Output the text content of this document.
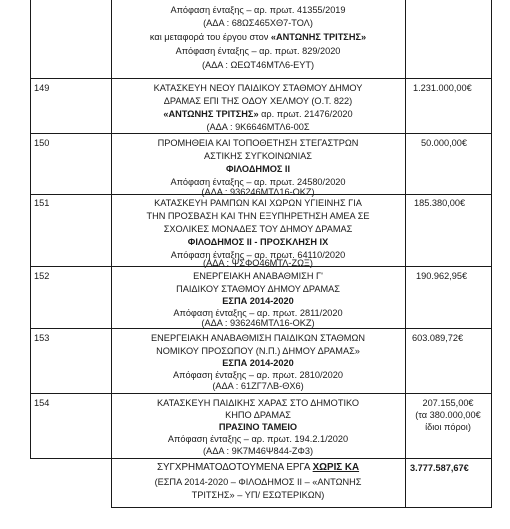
Απόφαση ένταξης – αρ. πρωτ. 41355/2019
(ΑΔΑ : 68ΩΣ465ΧΘ7-ΤΟΛ)
και μεταφορά του έργου στον «ΑΝΤΩΝΗΣ ΤΡΙΤΣΗΣ»
Απόφαση ένταξης – αρ. πρωτ. 829/2020
(ΑΔΑ : ΩΕΩΤ46ΜΤΛ6-ΕΥΤ)
149	ΚΑΤΑΣΚΕΥΗ ΝΕΟΥ ΠΑΙΔΙΚΟΥ ΣΤΑΘΜΟΥ ΔΗΜΟΥ
ΔΡΑΜΑΣ ΕΠΙ ΤΗΣ ΟΔΟΥ ΧΕΛΜΟΥ (Ο.Τ. 822)
«ΑΝΤΩΝΗΣ ΤΡΙΤΣΗΣ» αρ. πρωτ. 21476/2020
(ΑΔΑ : 9Κ6646ΜΤΛ6-00Σ
1.231.000,00€
150	ΠΡΟΜΗΘΕΙΑ ΚΑΙ ΤΟΠΟΘΕΤΗΣΗ ΣΤΕΓΑΣΤΡΩΝ
ΑΣΤΙΚΗΣ ΣΥΓΚΟΙΝΩΝΙΑΣ
ΦΙΛΟΔΗΜΟΣ ΙΙ
Απόφαση ένταξης – αρ. πρωτ. 24580/2020
(ΑΔΑ : 936246ΜΤΛ16-ΟΚΖ)
50.000,00€
151	ΚΑΤΑΣΚΕΥΗ ΡΑΜΠΩΝ ΚΑΙ ΧΩΡΩΝ ΥΓΙΕΙΝΗΣ ΓΙΑ
ΤΗΝ ΠΡΟΣΒΑΣΗ ΚΑΙ ΤΗΝ ΕΞΥΠΗΡΕΤΗΣΗ ΑΜΕΑ ΣΕ
ΣΧΟΛΙΚΕΣ ΜΟΝΑΔΕΣ ΤΟΥ ΔΗΜΟΥ ΔΡΑΜΑΣ
ΦΙΛΟΔΗΜΟΣ ΙΙ - ΠΡΟΣΚΛΗΣΗ ΙΧ
Απόφαση ένταξης – αρ. πρωτ. 64110/2020
(ΑΔΑ : ΨΣΦΟ46ΜΤΛ-ΖΩΞ)
185.380,00€
152	ΕΝΕΡΓΕΙΑΚΗ ΑΝΑΒΑΘΜΙΣΗ Γ'
ΠΑΙΔΙΚΟΥ ΣΤΑΘΜΟΥ ΔΗΜΟΥ ΔΡΑΜΑΣ
ΕΣΠΑ 2014-2020
Απόφαση ένταξης – αρ. πρωτ. 2811/2020
(ΑΔΑ : 936246ΜΤΛ16-ΟΚΖ)
190.962,95€
153	ΕΝΕΡΓΕΙΑΚΗ ΑΝΑΒΑΘΜΙΣΗ ΠΑΙΔΙΚΩΝ ΣΤΑΘΜΩΝ
ΝΟΜΙΚΟΥ ΠΡΟΣΩΠΟΥ (Ν.Π.) ΔΗΜΟΥ ΔΡΑΜΑΣ»
ΕΣΠΑ 2014-2020
Απόφαση ένταξης – αρ. πρωτ. 2810/2020
(ΑΔΑ : 61ΖΓ7ΛΒ-ΘΧ6)
603.089,72€
154	ΚΑΤΑΣΚΕΥΗ ΠΑΙΔΙΚΗΣ ΧΑΡΑΣ ΣΤΟ ΔΗΜΟΤΙΚΟ
ΚΗΠΟ ΔΡΑΜΑΣ
ΠΡΑΣΙΝΟ ΤΑΜΕΙΟ
Απόφαση ένταξης – αρ. πρωτ. 194.2.1/2020
(ΑΔΑ : 9Κ7Μ46Ψ844-ΖΦ3)
207.155,00€
(τα 380.000,00€
ίδιοι πόροι)
ΣΥΓΧΡΗΜΑΤΟΔΟΤΟΥΜΕΝΑ ΕΡΓΑ ΧΩΡΙΣ ΚΑ
(ΕΣΠΑ 2014-2020 – ΦΙΛΟΔΗΜΟΣ ΙΙ – «ΑΝΤΩΝΗΣ
ΤΡΙΤΣΗΣ» – ΥΠ/ ΕΣΩΤΕΡΙΚΩΝ)
3.777.587,67€
